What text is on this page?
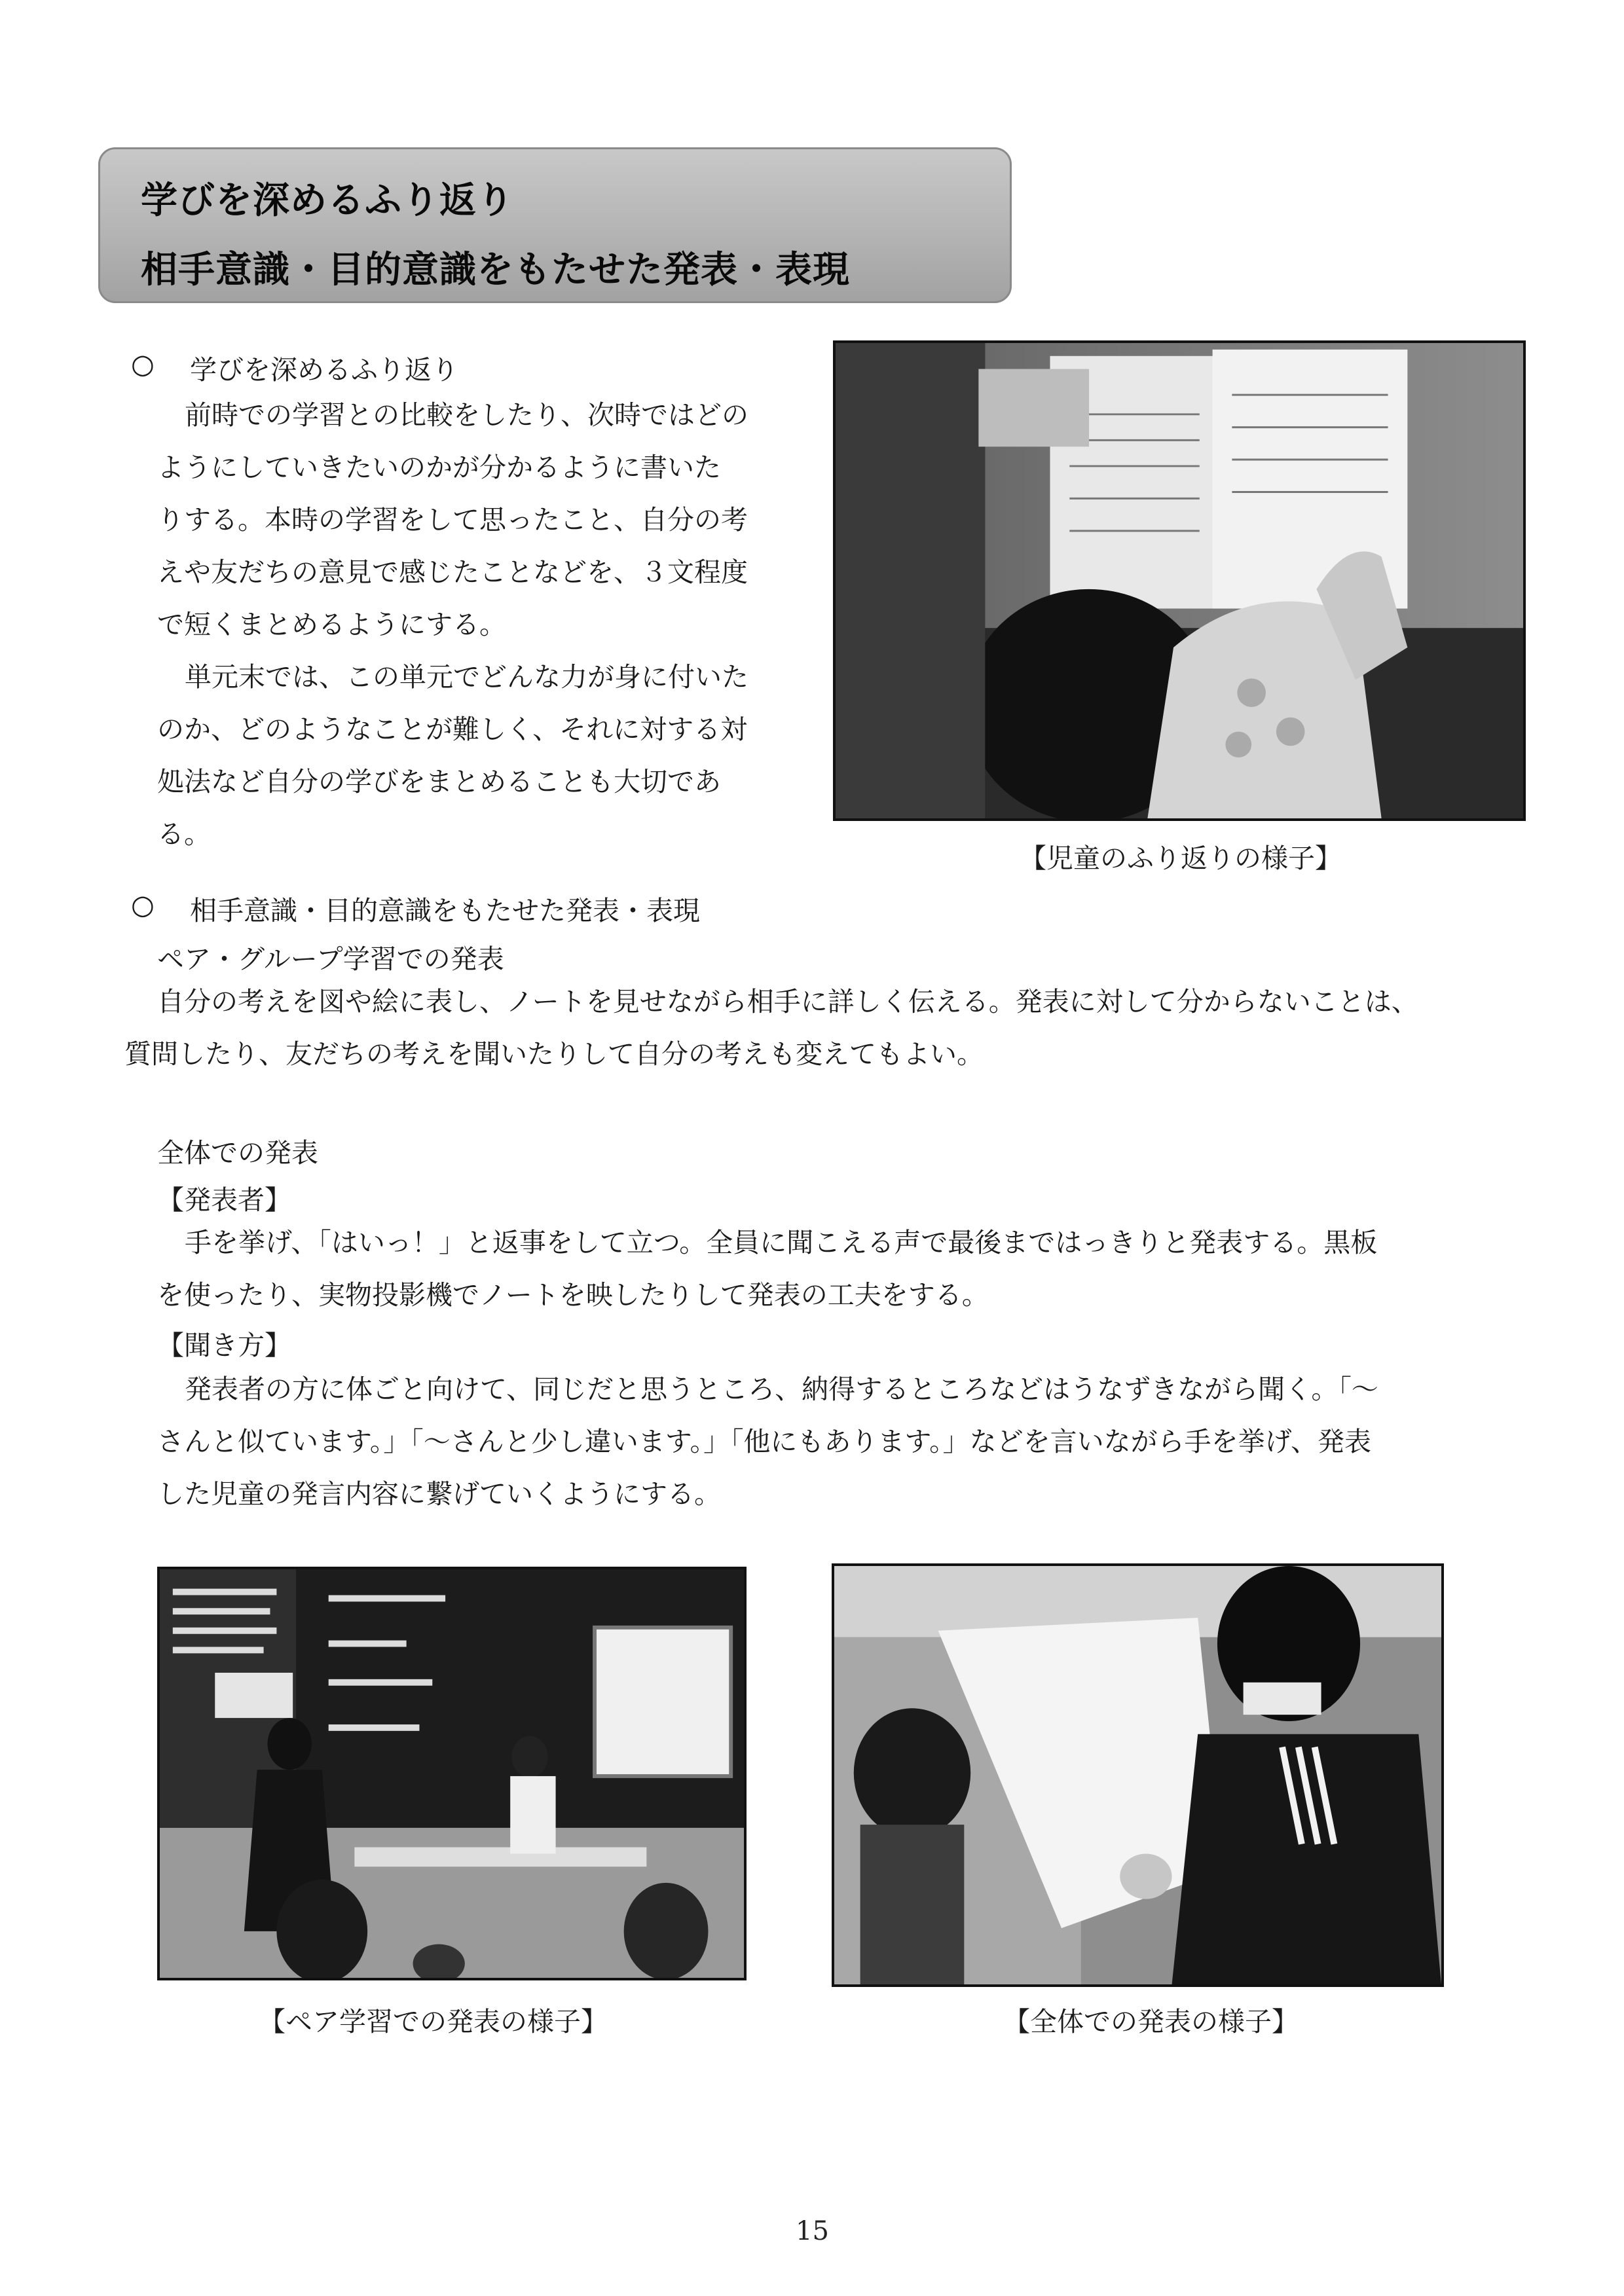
学びを深めるふり返り
相手意識・目的意識をもたせた発表・表現
○ 学びを深めるふり返り
前時での学習との比較をしたり、次時ではどの
ようにしていきたいのかが分かるように書いた
りする。本時の学習をして思ったこと、自分の考
えや友だちの意見で感じたことなどを、３文程度
で短くまとめるようにする。
単元末では、この単元でどんな力が身に付いた
のか、どのようなことが難しく、それに対する対
処法など自分の学びをまとめることも大切であ
る。
【児童のふり返りの様子】
○ 相手意識・目的意識をもたせた発表・表現
ペア・グループ学習での発表
自分の考えを図や絵に表し、ノートを見せながら相手に詳しく伝える。発表に対して分からないことは、
質問したり、友だちの考えを聞いたりして自分の考えも変えてもよい。
全体での発表
【発表者】
手を挙げ、「はいっ！」と返事をして立つ。全員に聞こえる声で最後まではっきりと発表する。黒板
を使ったり、実物投影機でノートを映したりして発表の工夫をする。
【聞き方】
発表者の方に体ごと向けて、同じだと思うところ、納得するところなどはうなずきながら聞く。「～
さんと似ています。」「～さんと少し違います。」「他にもあります。」などを言いながら手を挙げ、発表
した児童の発言内容に繋げていくようにする。
【ペア学習での発表の様子】	【全体での発表の様子】
15
